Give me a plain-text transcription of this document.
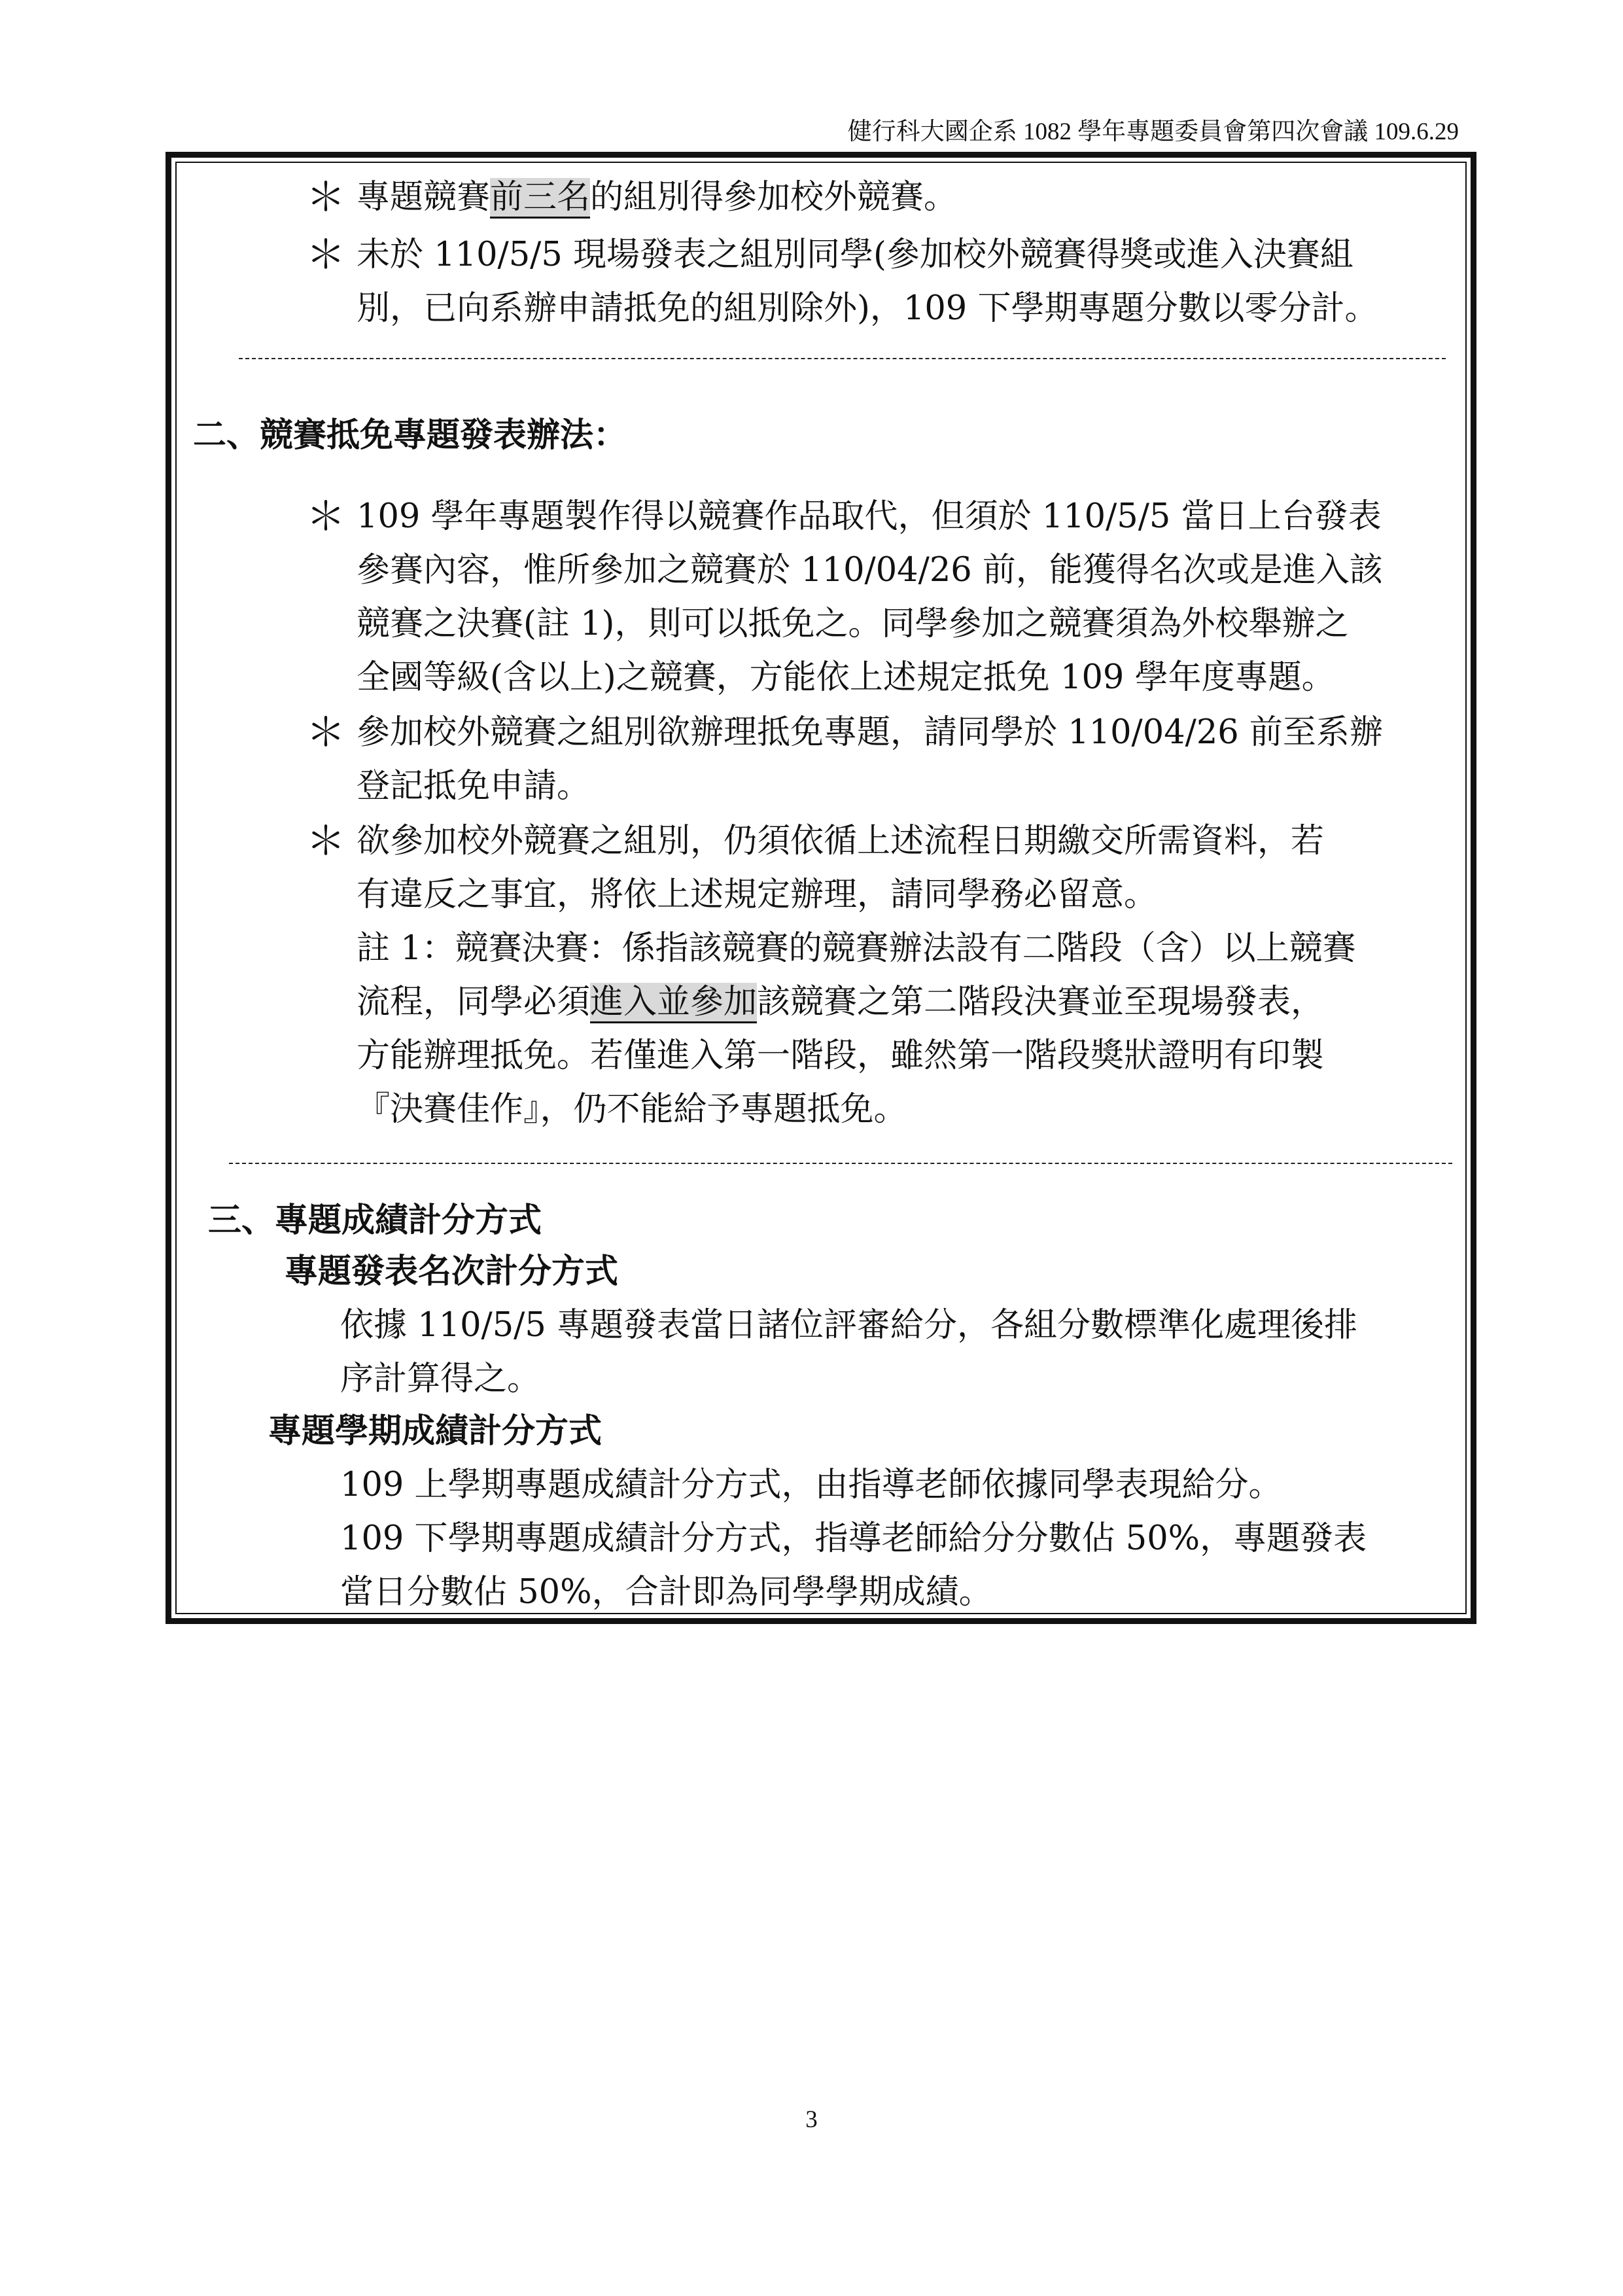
健行科大國企系 1082 學年專題委員會第四次會議 109.6.29
＊ 專題競賽前三名的組別得參加校外競賽。
＊ 未於 110/5/5 現場發表之組別同學(參加校外競賽得獎或進入決賽組
別，已向系辦申請抵免的組別除外)，109 下學期專題分數以零分計。
二、競賽抵免專題發表辦法：
＊ 109 學年專題製作得以競賽作品取代，但須於 110/5/5 當日上台發表
參賽內容，惟所參加之競賽於 110/04/26 前，能獲得名次或是進入該
競賽之決賽(註 1)，則可以抵免之。同學參加之競賽須為外校舉辦之
全國等級(含以上)之競賽，方能依上述規定抵免 109 學年度專題。
＊ 參加校外競賽之組別欲辦理抵免專題，請同學於 110/04/26 前至系辦
登記抵免申請。
＊ 欲參加校外競賽之組別，仍須依循上述流程日期繳交所需資料，若
有違反之事宜，將依上述規定辦理，請同學務必留意。
註 1：競賽決賽：係指該競賽的競賽辦法設有二階段（含）以上競賽
流程，同學必須進入並參加該競賽之第二階段決賽並至現場發表，
方能辦理抵免。若僅進入第一階段，雖然第一階段獎狀證明有印製
『決賽佳作』，仍不能給予專題抵免。
三、專題成績計分方式
專題發表名次計分方式
依據 110/5/5 專題發表當日諸位評審給分，各組分數標準化處理後排
序計算得之。
專題學期成績計分方式
109 上學期專題成績計分方式，由指導老師依據同學表現給分。
109 下學期專題成績計分方式，指導老師給分分數佔 50%，專題發表
當日分數佔 50%，合計即為同學學期成績。
3
